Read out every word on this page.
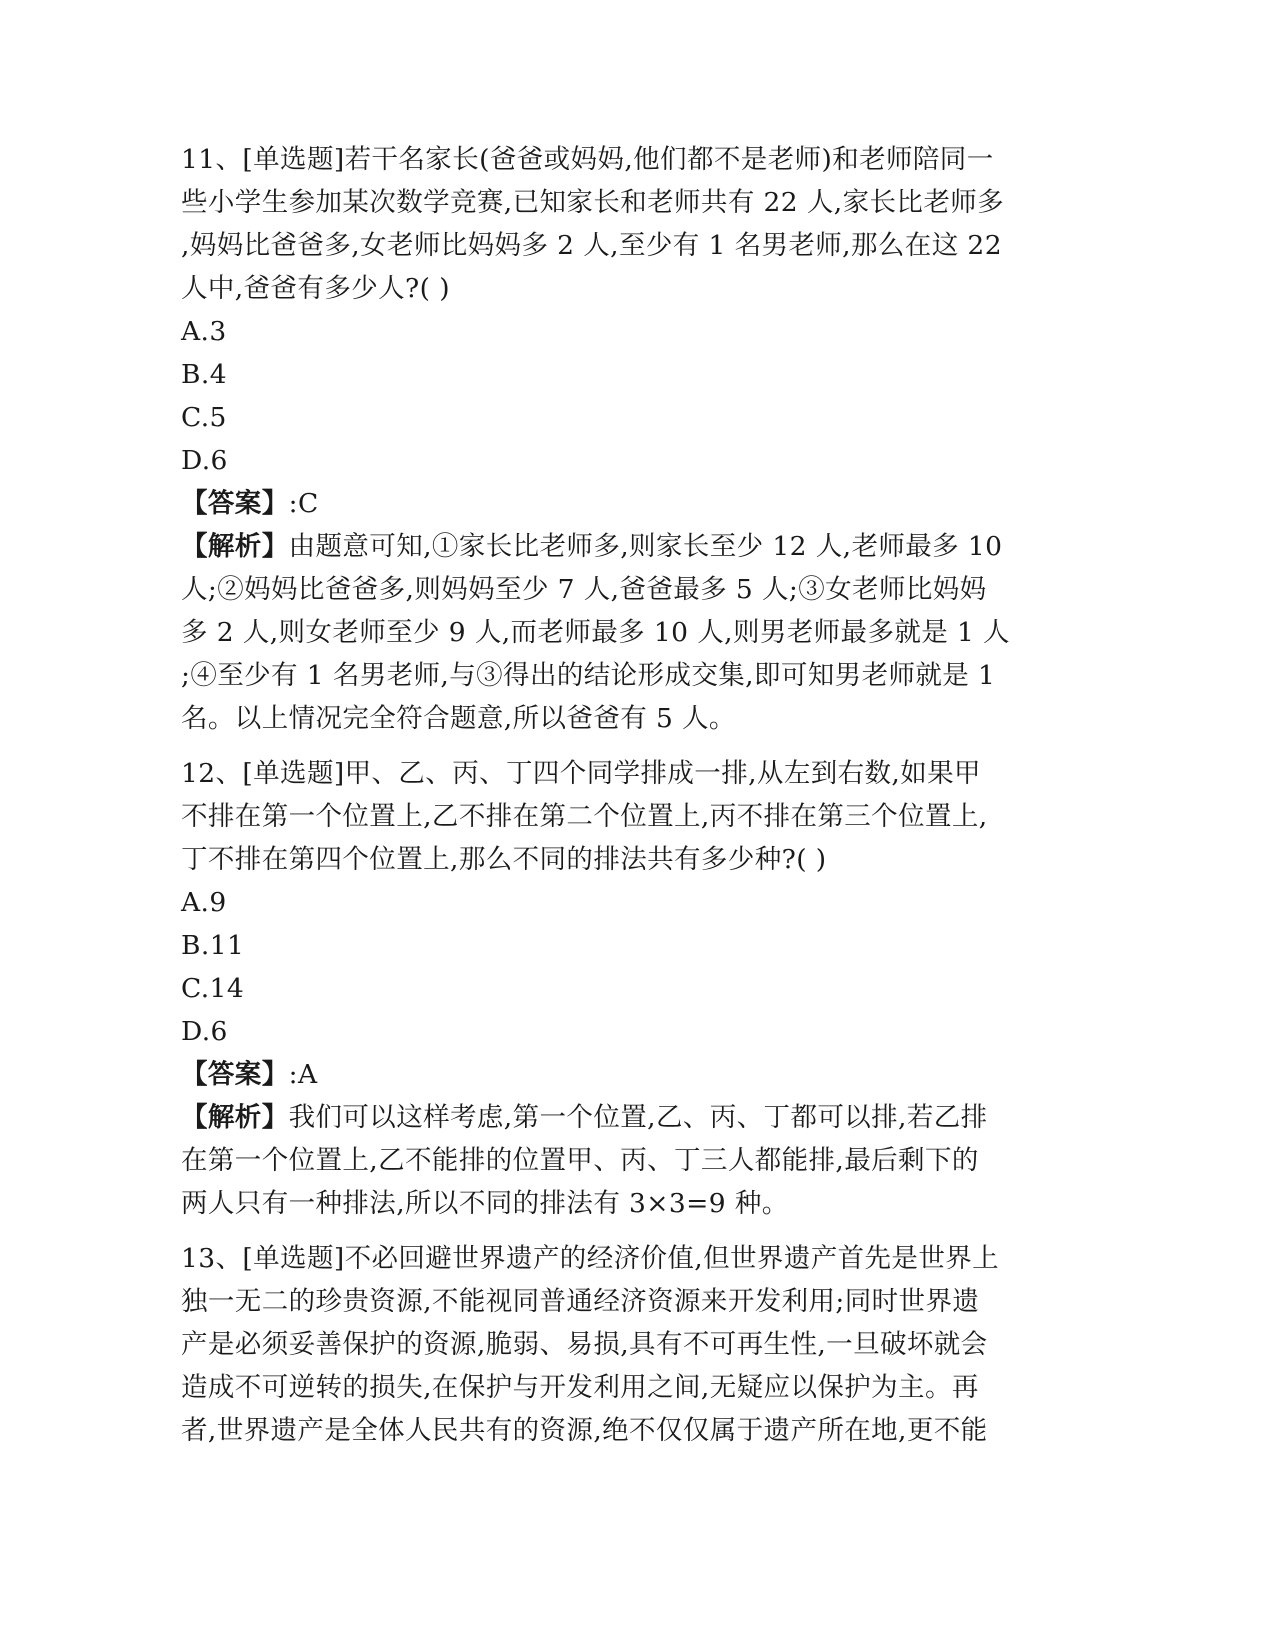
11、[单选题]若干名家长(爸爸或妈妈,他们都不是老师)和老师陪同一
些小学生参加某次数学竞赛,已知家长和老师共有 22 人,家长比老师多
,妈妈比爸爸多,女老师比妈妈多 2 人,至少有 1 名男老师,那么在这 22
人中,爸爸有多少人?( )
A.3
B.4
C.5
D.6
【答案】:C
【解析】由题意可知,①家长比老师多,则家长至少 12 人,老师最多 10
人;②妈妈比爸爸多,则妈妈至少 7 人,爸爸最多 5 人;③女老师比妈妈
多 2 人,则女老师至少 9 人,而老师最多 10 人,则男老师最多就是 1 人
;④至少有 1 名男老师,与③得出的结论形成交集,即可知男老师就是 1
名。以上情况完全符合题意,所以爸爸有 5 人。
12、[单选题]甲、乙、丙、丁四个同学排成一排,从左到右数,如果甲
不排在第一个位置上,乙不排在第二个位置上,丙不排在第三个位置上,
丁不排在第四个位置上,那么不同的排法共有多少种?( )
A.9
B.11
C.14
D.6
【答案】:A
【解析】我们可以这样考虑,第一个位置,乙、丙、丁都可以排,若乙排
在第一个位置上,乙不能排的位置甲、丙、丁三人都能排,最后剩下的
两人只有一种排法,所以不同的排法有 3×3=9 种。
13、[单选题]不必回避世界遗产的经济价值,但世界遗产首先是世界上
独一无二的珍贵资源,不能视同普通经济资源来开发利用;同时世界遗
产是必须妥善保护的资源,脆弱、易损,具有不可再生性,一旦破坏就会
造成不可逆转的损失,在保护与开发利用之间,无疑应以保护为主。再
者,世界遗产是全体人民共有的资源,绝不仅仅属于遗产所在地,更不能
